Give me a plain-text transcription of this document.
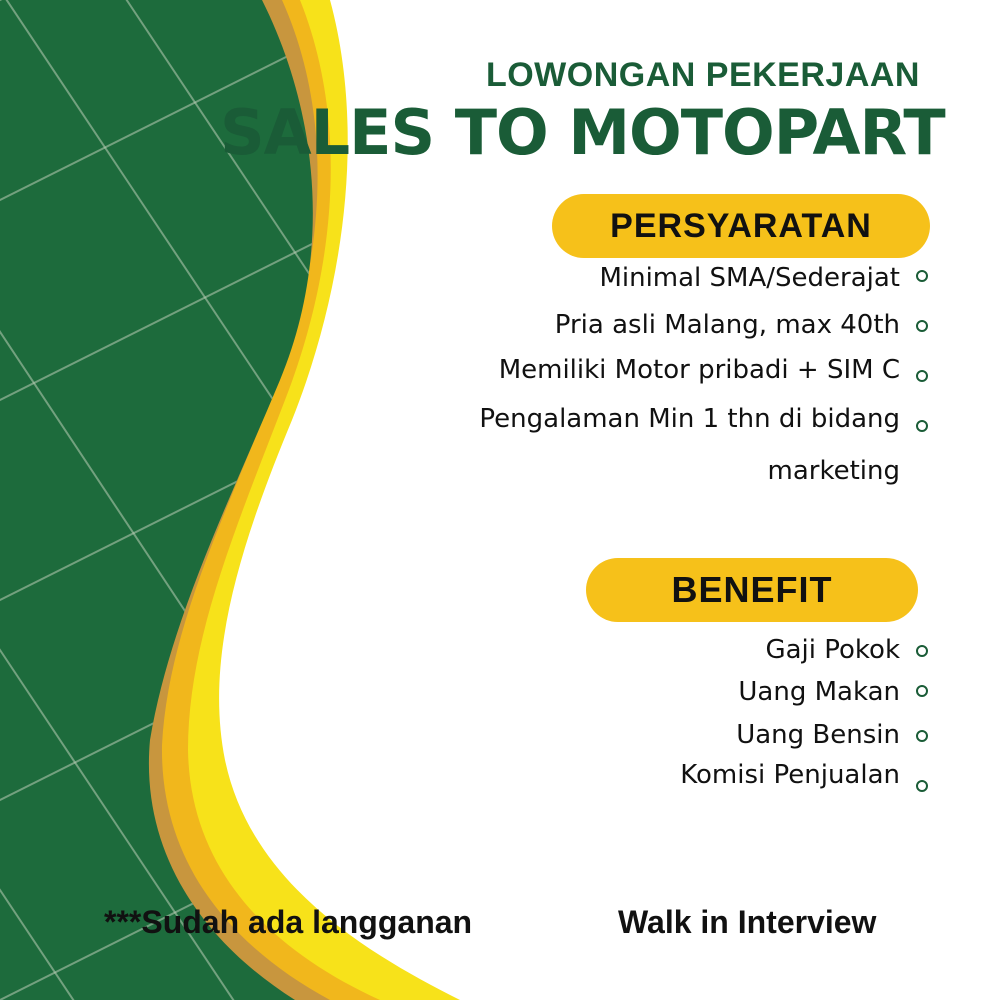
LOWONGAN PEKERJAAN
SALES TO MOTOPART
PERSYARATAN
Minimal SMA/Sederajat
Pria asli Malang, max 40th
Memiliki Motor pribadi + SIM C
Pengalaman Min 1 thn di bidang
marketing
BENEFIT
Gaji Pokok
Uang Makan
Uang Bensin
Komisi Penjualan
***Sudah ada langganan	Walk in Interview
